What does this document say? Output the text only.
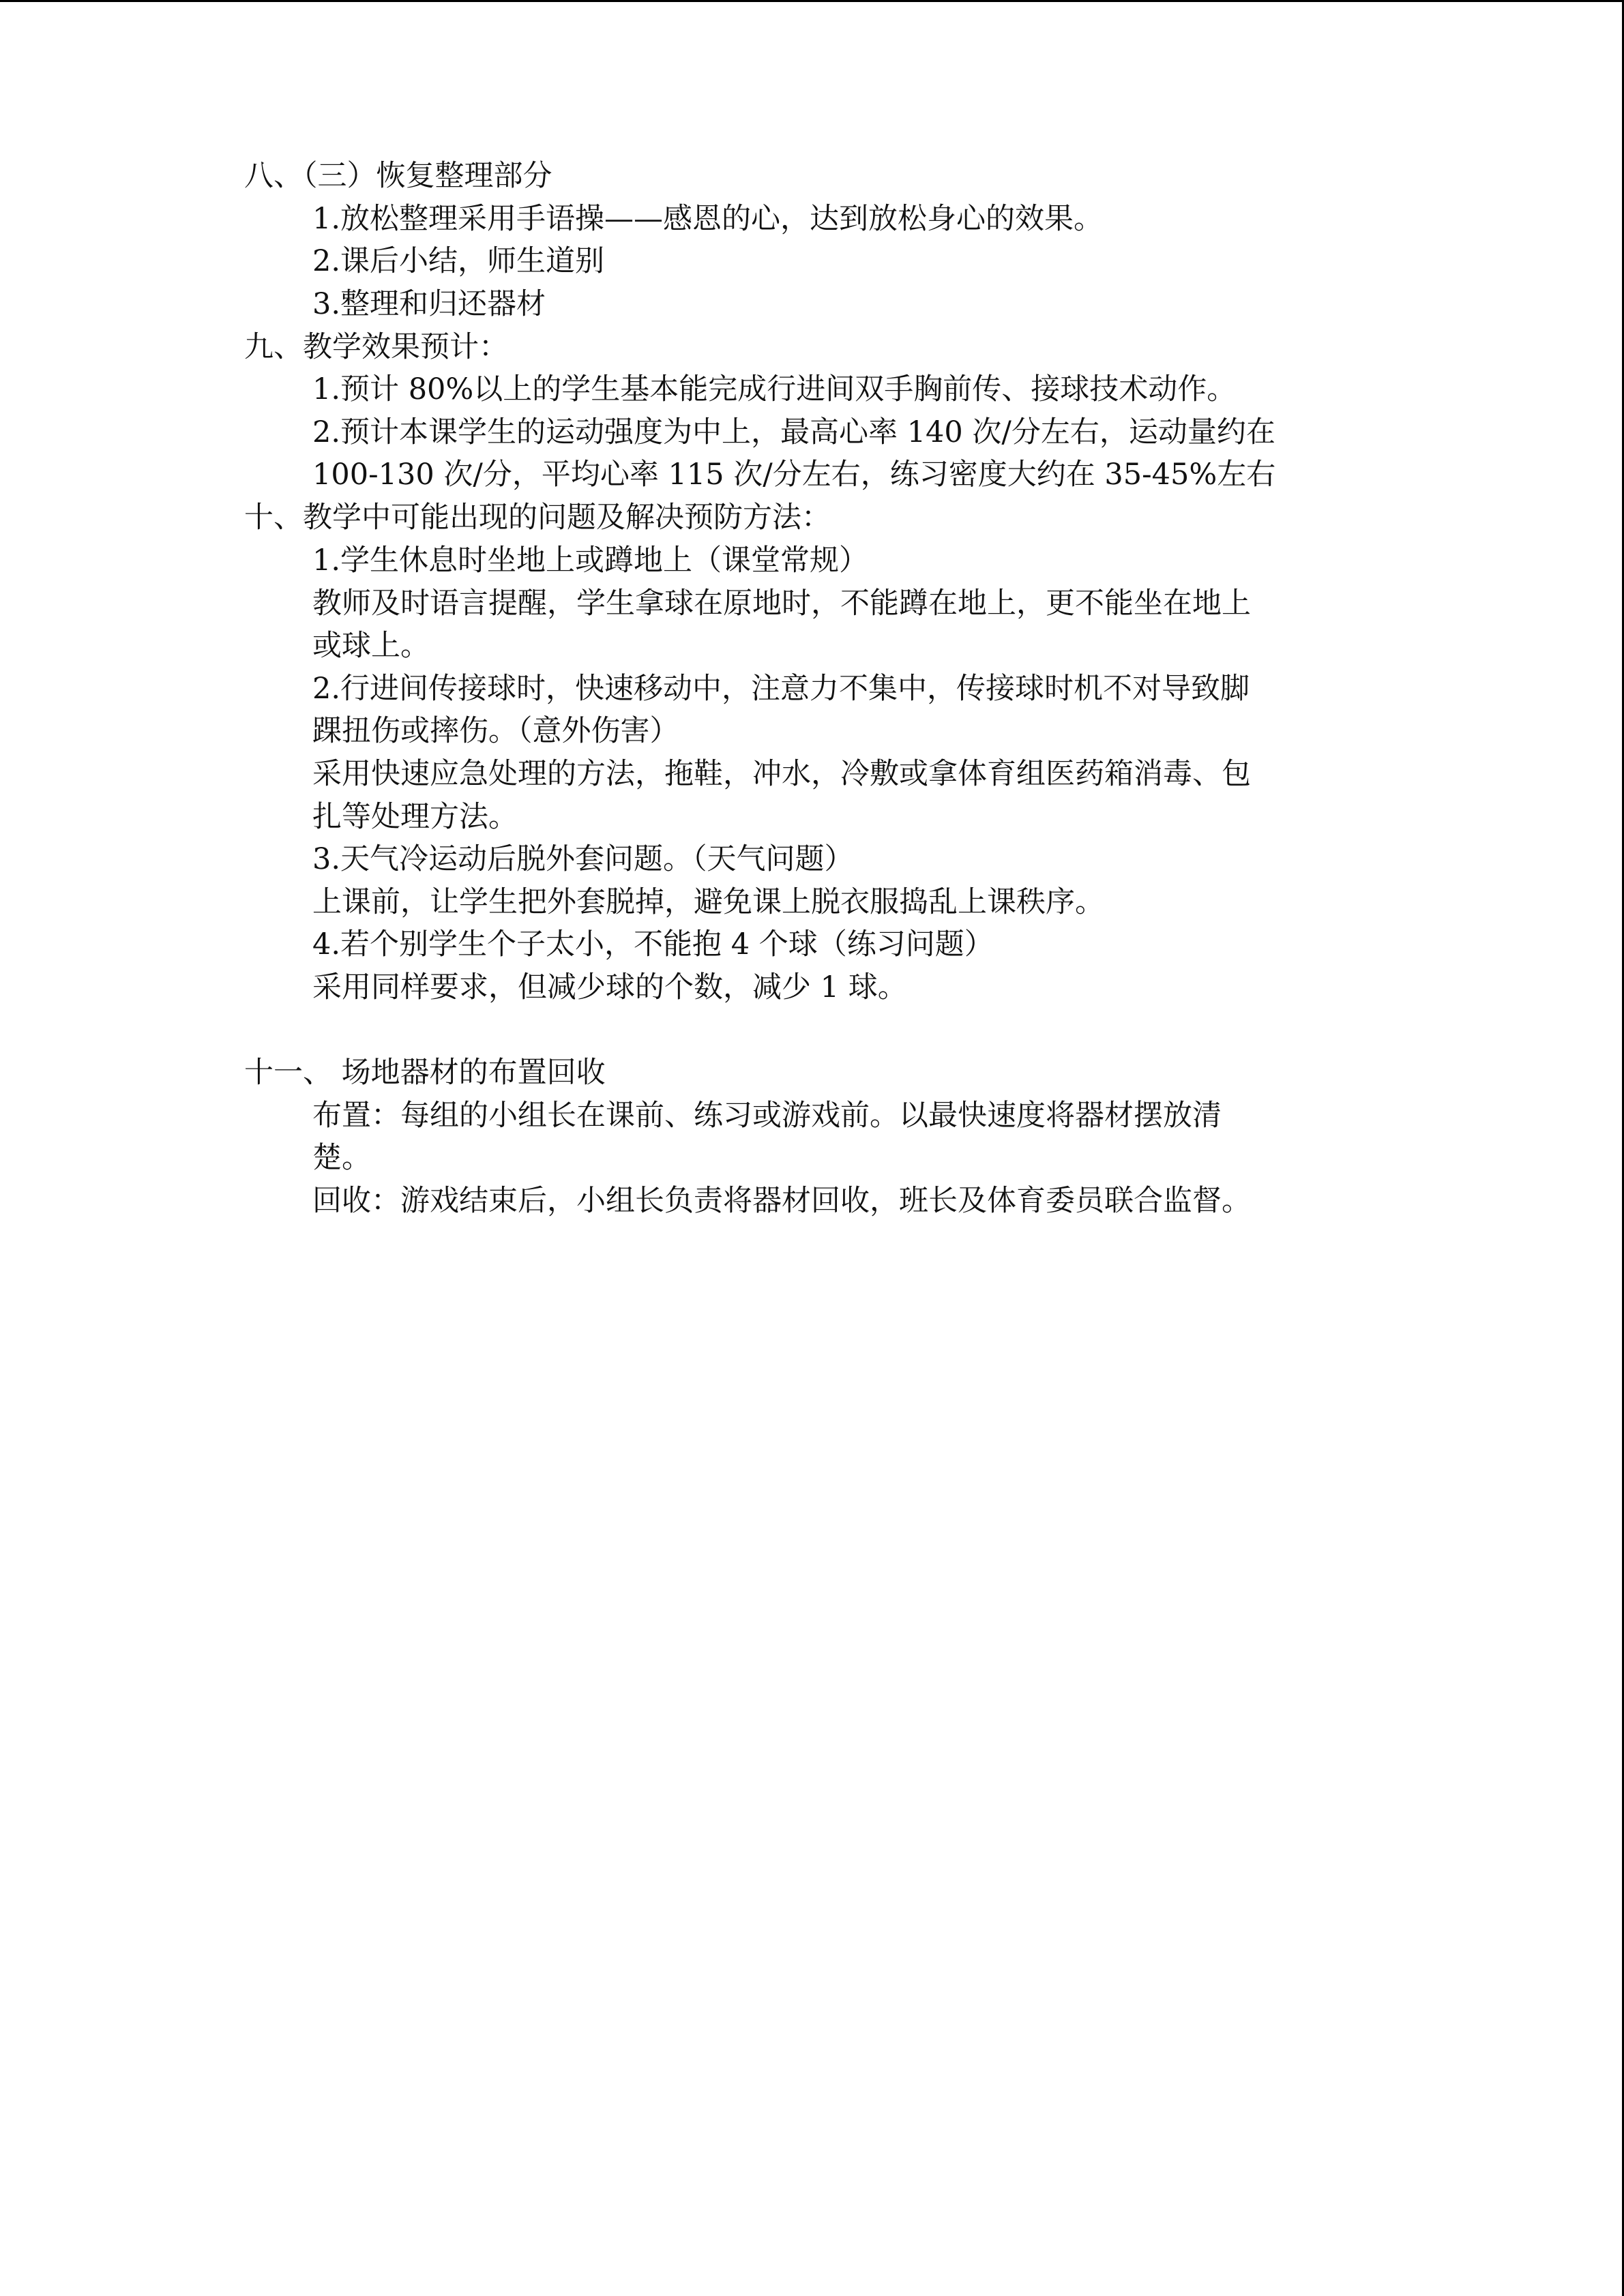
八、（三）恢复整理部分
1.放松整理采用手语操——感恩的心，达到放松身心的效果。
2.课后小结，师生道别
3.整理和归还器材
九、教学效果预计：
1.预计 80%以上的学生基本能完成行进间双手胸前传、接球技术动作。
2.预计本课学生的运动强度为中上，最高心率 140 次/分左右，运动量约在
100-130 次/分，平均心率 115 次/分左右，练习密度大约在 35-45%左右
十、教学中可能出现的问题及解决预防方法：
1.学生休息时坐地上或蹲地上（课堂常规）
教师及时语言提醒，学生拿球在原地时，不能蹲在地上，更不能坐在地上
或球上。
2.行进间传接球时，快速移动中，注意力不集中，传接球时机不对导致脚
踝扭伤或摔伤。（意外伤害）
采用快速应急处理的方法，拖鞋，冲水，冷敷或拿体育组医药箱消毒、包
扎等处理方法。
3.天气冷运动后脱外套问题。（天气问题）
上课前，让学生把外套脱掉，避免课上脱衣服捣乱上课秩序。
4.若个别学生个子太小，不能抱 4 个球（练习问题）
采用同样要求，但减少球的个数，减少 1 球。
十一、 场地器材的布置回收
布置：每组的小组长在课前、练习或游戏前。以最快速度将器材摆放清
楚。
回收：游戏结束后，小组长负责将器材回收，班长及体育委员联合监督。
